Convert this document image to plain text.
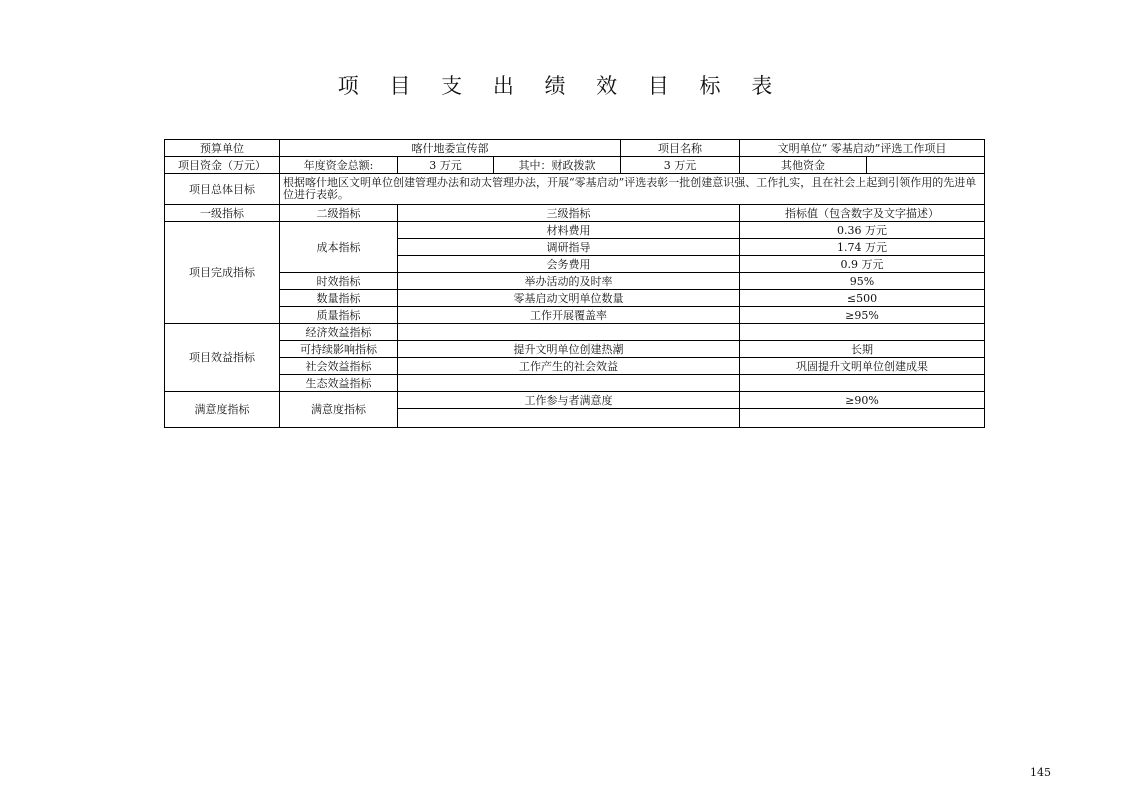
项 目 支 出 绩 效 目 标 表
预算单位	喀什地委宣传部			项目名称	文明单位“ 零基启动”评选工作项目	
项目资金（万元）	年度资金总额:	3 万元	其中：财政拨款	3 万元	其他资金	
项目总体目标	根据喀什地区文明单位创建管理办法和动太管理办法，开展“零基启动”评选表彰一批创建意识强、工作扎实，且在社会上起到引领作用的先进单位进行表彰。					
一级指标	二级指标	三级指标			指标值（包含数字及文字描述）	
项目完成指标	成本指标	材料费用			0.36 万元	
		调研指导			1.74 万元	
		会务费用			0.9 万元	
	时效指标	举办活动的及时率			95%	
	数量指标	零基启动文明单位数量			≤500	
	质量指标	工作开展覆盖率			≥95%	
项目效益指标	经济效益指标					
	可持续影响指标	提升文明单位创建热潮			长期	
	社会效益指标	工作产生的社会效益			巩固提升文明单位创建成果	
	生态效益指标					
满意度指标	满意度指标	工作参与者满意度			≥90%	

145
